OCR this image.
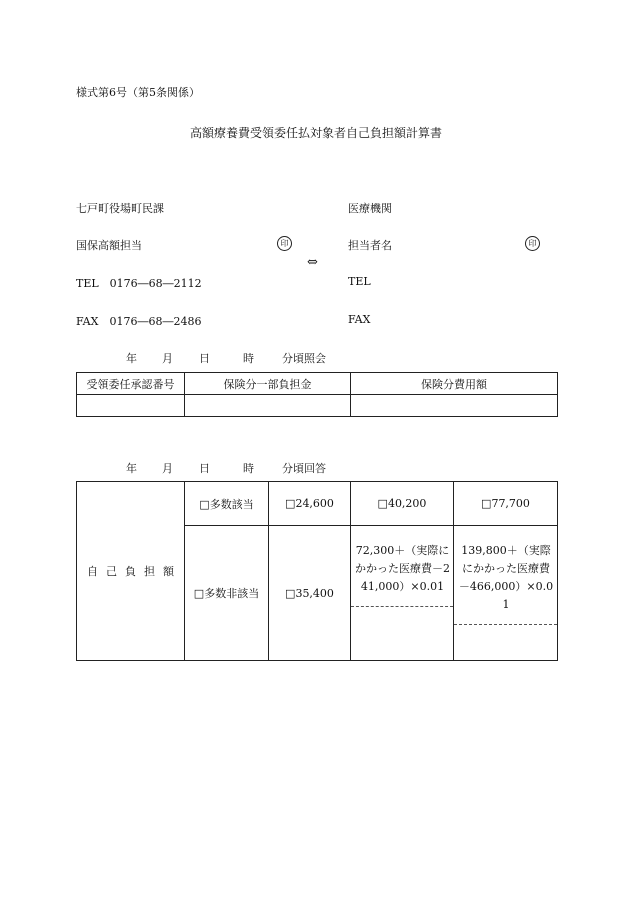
様式第6号（第5条関係）
高額療養費受領委任払対象者自己負担額計算書
七戸町役場町民課
国保高額担当	印
TEL　0176―68―2112
FAX　0176―68―2486
⇔
医療機関
担当者名	印
TEL
FAX
年 月 日	時	分頃照会
受領委任承認番号	保険分一部負担金	保険分費用額

年 月 日	時	分頃回答
自 己 負 担 額	□多数該当	□24,600	□40,200	□77,700
	□多数非該当	□35,400	72,300＋（実際にかかった医療費－241,000）×0.01	139,800＋（実際にかかった医療費－466,000）×0.01
